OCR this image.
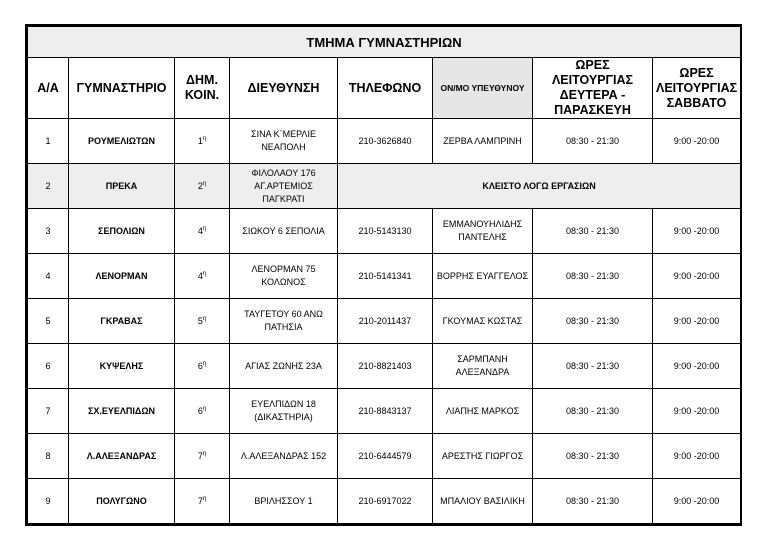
ΤΜΗΜΑ ΓΥΜΝΑΣΤΗΡΙΩΝ							
Α/Α	ΓΥΜΝΑΣΤΗΡΙΟ	ΔΗΜ. ΚΟΙΝ.	ΔΙΕΥΘΥΝΣΗ	ΤΗΛΕΦΩΝΟ	ΟΝ/ΜΟ ΥΠΕΥΘΥΝΟΥ	ΩΡΕΣ ΛΕΙΤΟΥΡΓΙΑΣ ΔΕΥΤΕΡΑ - ΠΑΡΑΣΚΕΥΗ	ΩΡΕΣ ΛΕΙΤΟΥΡΓΙΑΣ ΣΑΒΒΑΤΟ
1	ΡΟΥΜΕΛΙΩΤΩΝ	$1^\eta$	ΣΙΝΑ Κ΄ΜΕΡΛΙΕ ΝΕΑΠΟΛΗ	210-3626840	ΖΕΡΒΑ ΛΑΜΠΡΙΝΗ	08:30 - 21:30	9:00 -20:00
2	ΠΡΕΚΑ	$2^\eta$	ΦΙΛΟΛΑΟΥ 176 ΑΓ.ΑΡΤΕΜΙΟΣ ΠΑΓΚΡΑΤΙ	ΚΛΕΙΣΤΟ ΛΟΓΩ ΕΡΓΑΣΙΩΝ			
3	ΣΕΠΟΛΙΩΝ	$4^\eta$	ΣΙΩΚΟΥ 6 ΣΕΠΟΛΙΑ	210-5143130	ΕΜΜΑΝΟΥΗΛΙΔΗΣ ΠΑΝΤΕΛΗΣ	08:30 - 21:30	9:00 -20:00
4	ΛΕΝΟΡΜΑΝ	$4^\eta$	ΛΕΝΟΡΜΑΝ 75 ΚΟΛΩΝΟΣ	210-5141341	ΒΟΡΡΗΣ ΕΥΑΓΓΕΛΟΣ	08:30 - 21:30	9:00 -20:00
5	ΓΚΡΑΒΑΣ	$5^\eta$	ΤΑΥΓΕΤΟΥ 60 ΑΝΩ ΠΑΤΗΣΙΑ	210-2011437	ΓΚΟΥΜΑΣ ΚΩΣΤΑΣ	08:30 - 21:30	9:00 -20:00
6	ΚΥΨΕΛΗΣ	$6^\eta$	ΑΓΙΑΣ ΖΩΝΗΣ 23Α	210-8821403	ΣΑΡΜΠΑΝΗ ΑΛΕΞΑΝΔΡΑ	08:30 - 21:30	9:00 -20:00
7	ΣΧ.ΕΥΕΛΠΙΔΩΝ	$6^\eta$	ΕΥΕΛΠΙΔΩΝ 18 (ΔΙΚΑΣΤΗΡΙΑ)	210-8843137	ΛΙΑΠΗΣ ΜΑΡΚΟΣ	08:30 - 21:30	9:00 -20:00
8	Λ.ΑΛΕΞΑΝΔΡΑΣ	$7^\eta$	Λ.ΑΛΕΞΑΝΔΡΑΣ 152	210-6444579	ΑΡΕΣΤΗΣ ΓΙΩΡΓΟΣ	08:30 - 21:30	9:00 -20:00
9	ΠΟΛΥΓΩΝΟ	$7^\eta$	ΒΡΙΛΗΣΣΟΥ 1	210-6917022	ΜΠΑΛΙΟΥ ΒΑΣΙΛΙΚΗ	08:30 - 21:30	9:00 -20:00
